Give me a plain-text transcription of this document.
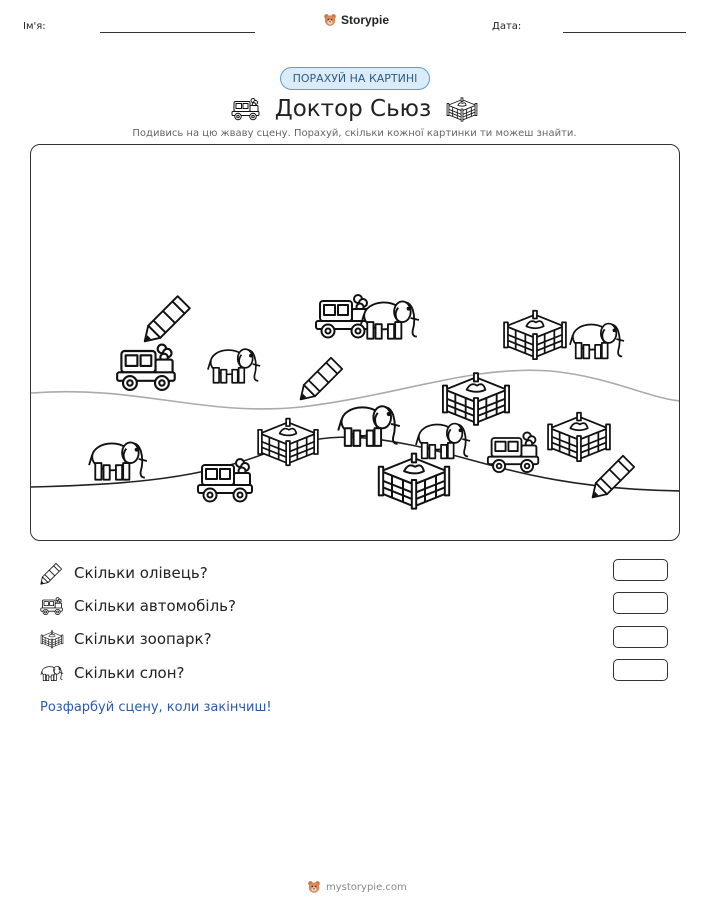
Ім'я:	Storypie	Дата:
ПОРАХУЙ НА КАРТИНІ
Доктор Сьюз
Подивись на цю жваву сцену. Порахуй, скільки кожної картинки ти можеш знайти.
Скільки олівець?
Скільки автомобіль?
Скільки зоопарк?
Скільки слон?
Розфарбуй сцену, коли закінчиш!
mystorypie.com
